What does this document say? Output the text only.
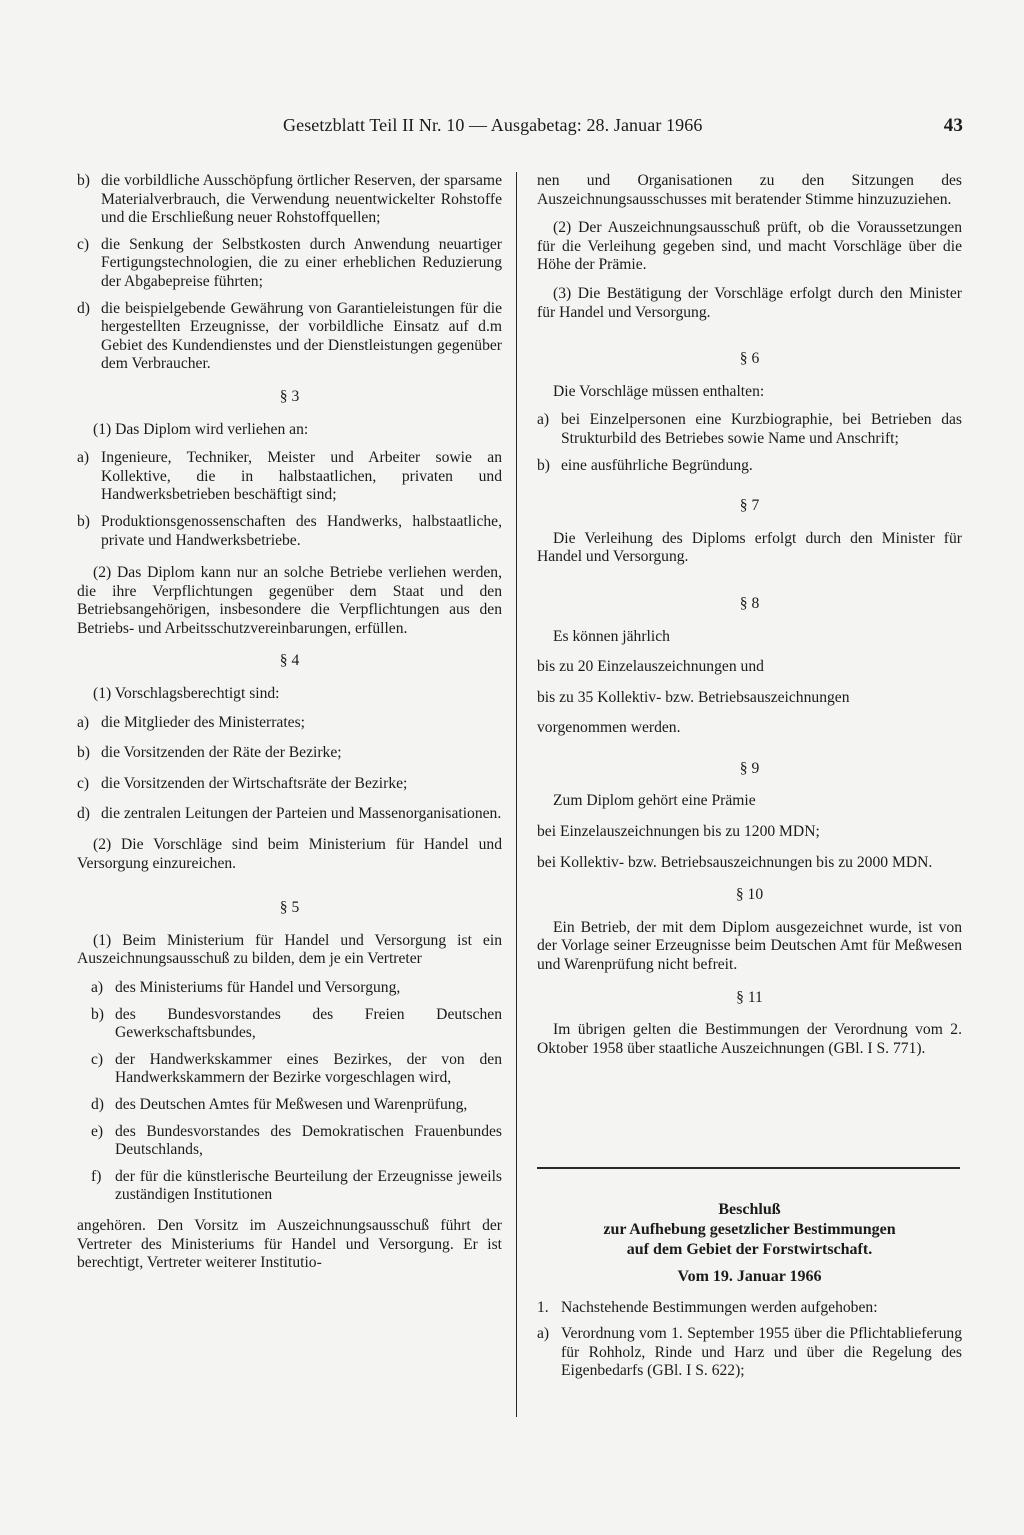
Gesetzblatt Teil II Nr. 10 — Ausgabetag: 28. Januar 1966	43
b) die vorbildliche Ausschöpfung örtlicher Reserven, der sparsame Materialverbrauch, die Verwendung neuentwickelter Rohstoffe und die Erschließung neuer Rohstoffquellen;
c) die Senkung der Selbstkosten durch Anwendung neuartiger Fertigungstechnologien, die zu einer erheblichen Reduzierung der Abgabepreise führten;
d) die beispielgebende Gewährung von Garantieleistungen für die hergestellten Erzeugnisse, der vorbildliche Einsatz auf d.m Gebiet des Kundendienstes und der Dienstleistungen gegenüber dem Verbraucher.
§ 3

(1) Das Diplom wird verliehen an:

a) Ingenieure, Techniker, Meister und Arbeiter sowie an Kollektive, die in halbstaatlichen, privaten und Handwerksbetrieben beschäftigt sind;
b) Produktionsgenossenschaften des Handwerks, halbstaatliche, private und Handwerksbetriebe.

(2) Das Diplom kann nur an solche Betriebe verliehen werden, die ihre Verpflichtungen gegenüber dem Staat und den Betriebsangehörigen, insbesondere die Verpflichtungen aus den Betriebs- und Arbeitsschutzvereinbarungen, erfüllen.

§ 4

(1) Vorschlagsberechtigt sind:

a) die Mitglieder des Ministerrates;
b) die Vorsitzenden der Räte der Bezirke;
c) die Vorsitzenden der Wirtschaftsräte der Bezirke;
d) die zentralen Leitungen der Parteien und Massenorganisationen.

(2) Die Vorschläge sind beim Ministerium für Handel und Versorgung einzureichen.

§ 5

(1) Beim Ministerium für Handel und Versorgung ist ein Auszeichnungsausschuß zu bilden, dem je ein Vertreter

a) des Ministeriums für Handel und Versorgung,
b) des Bundesvorstandes des Freien Deutschen Gewerkschaftsbundes,
c) der Handwerkskammer eines Bezirkes, der von den Handwerkskammern der Bezirke vorgeschlagen wird,
d) des Deutschen Amtes für Meßwesen und Warenprüfung,
e) des Bundesvorstandes des Demokratischen Frauenbundes Deutschlands,
f) der für die künstlerische Beurteilung der Erzeugnisse jeweils zuständigen Institutionen

angehören. Den Vorsitz im Auszeichnungsausschuß führt der Vertreter des Ministeriums für Handel und Versorgung. Er ist berechtigt, Vertreter weiterer Institutio-

nen und Organisationen zu den Sitzungen des Auszeichnungsausschusses mit beratender Stimme hinzuzuziehen.

(2) Der Auszeichnungsausschuß prüft, ob die Voraussetzungen für die Verleihung gegeben sind, und macht Vorschläge über die Höhe der Prämie.

(3) Die Bestätigung der Vorschläge erfolgt durch den Minister für Handel und Versorgung.

§ 6

Die Vorschläge müssen enthalten:

a) bei Einzelpersonen eine Kurzbiographie, bei Betrieben das Strukturbild des Betriebes sowie Name und Anschrift;
b) eine ausführliche Begründung.
§ 7

Die Verleihung des Diploms erfolgt durch den Minister für Handel und Versorgung.

§ 8

Es können jährlich

bis zu 20 Einzelauszeichnungen und

bis zu 35 Kollektiv- bzw. Betriebsauszeichnungen

vorgenommen werden.

§ 9

Zum Diplom gehört eine Prämie

bei Einzelauszeichnungen bis zu 1200 MDN;

bei Kollektiv- bzw. Betriebsauszeichnungen bis zu 2000 MDN.

§ 10

Ein Betrieb, der mit dem Diplom ausgezeichnet wurde, ist von der Vorlage seiner Erzeugnisse beim Deutschen Amt für Meßwesen und Warenprüfung nicht befreit.

§ 11

Im übrigen gelten die Bestimmungen der Verordnung vom 2. Oktober 1958 über staatliche Auszeichnungen (GBl. I S. 771).

Beschluß

zur Aufhebung gesetzlicher Bestimmungen

auf dem Gebiet der Forstwirtschaft.

Vom 19. Januar 1966

1. Nachstehende Bestimmungen werden aufgehoben:
a) Verordnung vom 1. September 1955 über die Pflichtablieferung für Rohholz, Rinde und Harz und über die Regelung des Eigenbedarfs (GBl. I S. 622);
